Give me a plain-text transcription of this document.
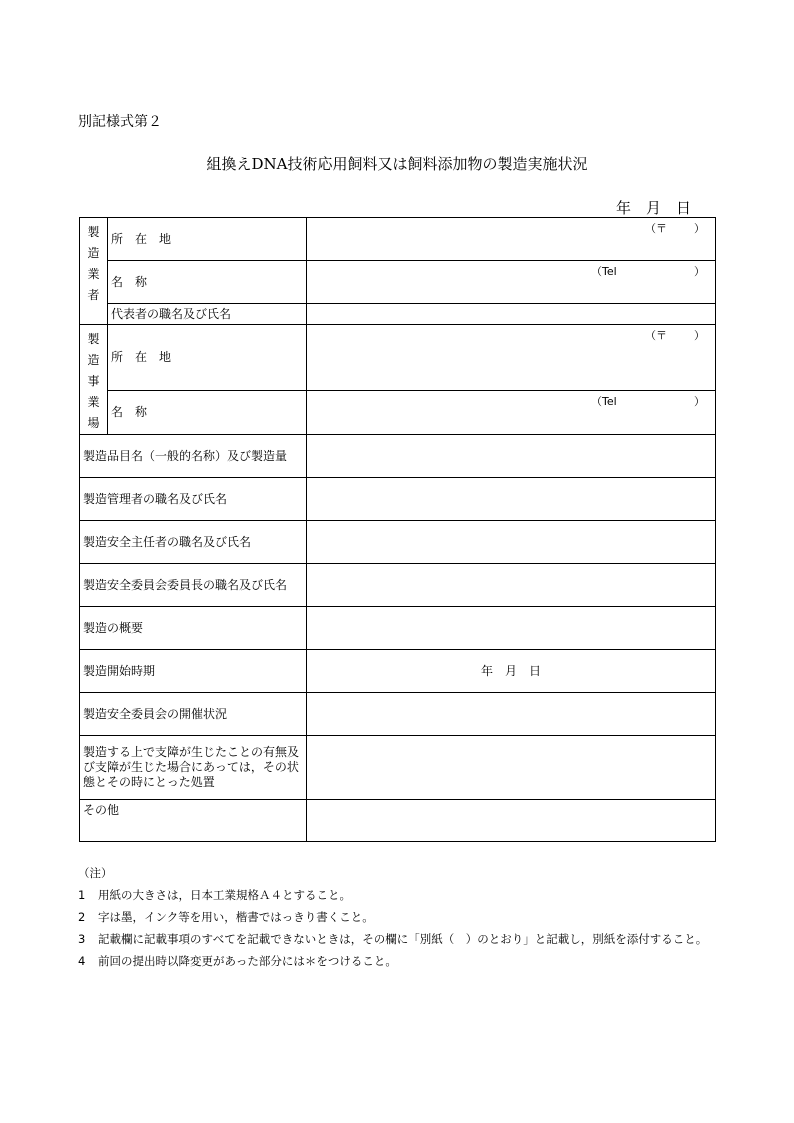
別記様式第２
組換えDNA技術応用飼料又は飼料添加物の製造実施状況
年　月　日
製
造
業
者	所　在　地	（〒 ）

	名　称	（Tel ）

	代表者の職名及び氏名	

製
造
事
業
場	所　在　地	（〒 ）

	名　称	（Tel ）

製造品目名（一般的名称）及び製造量		
製造管理者の職名及び氏名		
製造安全主任者の職名及び氏名		
製造安全委員会委員長の職名及び氏名		
製造の概要		
製造開始時期		年　月　日
製造安全委員会の開催状況		
製造する上で支障が生じたことの有無及び支障が生じた場合にあっては，その状態とその時にとった処置		
その他		
（注）
1	用紙の大きさは，日本工業規格Ａ４とすること。
2	字は墨，インク等を用い，楷書ではっきり書くこと。
3	記載欄に記載事項のすべてを記載できないときは，その欄に「別紙（　）のとおり」と記載し，別紙を添付すること。
4	前回の提出時以降変更があった部分には＊をつけること。
